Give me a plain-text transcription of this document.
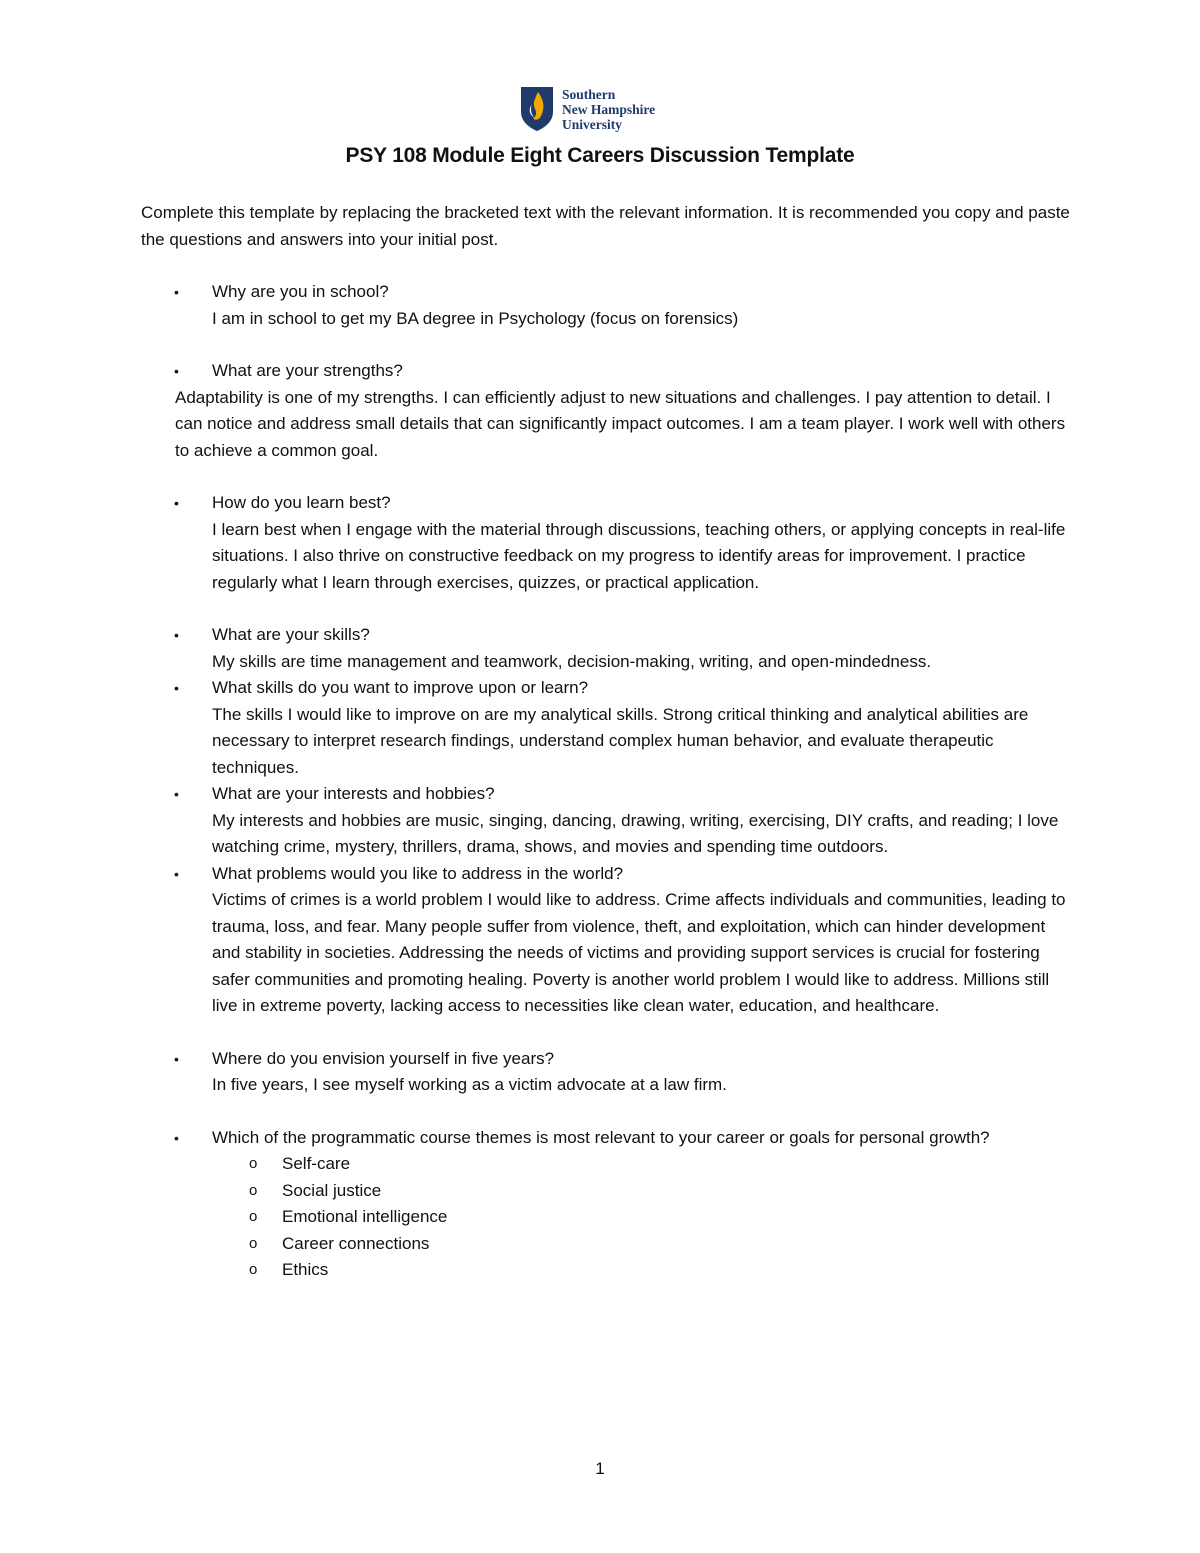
Southern
New Hampshire
University
PSY 108 Module Eight Careers Discussion Template

Complete this template by replacing the bracketed text with the relevant information. It is recommended you copy and paste the questions and answers into your initial post.

• Why are you in school?

I am in school to get my BA degree in Psychology (focus on forensics)

• What are your strengths?

Adaptability is one of my strengths. I can efficiently adjust to new situations and challenges. I pay attention to detail. I can notice and address small details that can significantly impact outcomes. I am a team player. I work well with others to achieve a common goal.

• How do you learn best?

I learn best when I engage with the material through discussions, teaching others, or applying concepts in real-life situations. I also thrive on constructive feedback on my progress to identify areas for improvement. I practice regularly what I learn through exercises, quizzes, or practical application.

• What are your skills?

My skills are time management and teamwork, decision-making, writing, and open-mindedness.

• What skills do you want to improve upon or learn?

The skills I would like to improve on are my analytical skills. Strong critical thinking and analytical abilities are necessary to interpret research findings, understand complex human behavior, and evaluate therapeutic techniques.

• What are your interests and hobbies?

My interests and hobbies are music, singing, dancing, drawing, writing, exercising, DIY crafts, and reading; I love watching crime, mystery, thrillers, drama, shows, and movies and spending time outdoors.

• What problems would you like to address in the world?

Victims of crimes is a world problem I would like to address. Crime affects individuals and communities, leading to trauma, loss, and fear. Many people suffer from violence, theft, and exploitation, which can hinder development and stability in societies. Addressing the needs of victims and providing support services is crucial for fostering safer communities and promoting healing. Poverty is another world problem I would like to address. Millions still live in extreme poverty, lacking access to necessities like clean water, education, and healthcare.

• Where do you envision yourself in five years?

In five years, I see myself working as a victim advocate at a law firm.

• Which of the programmatic course themes is most relevant to your career or goals for personal growth?

o Self-care
o Social justice
o Emotional intelligence
o Career connections
o Ethics
1
